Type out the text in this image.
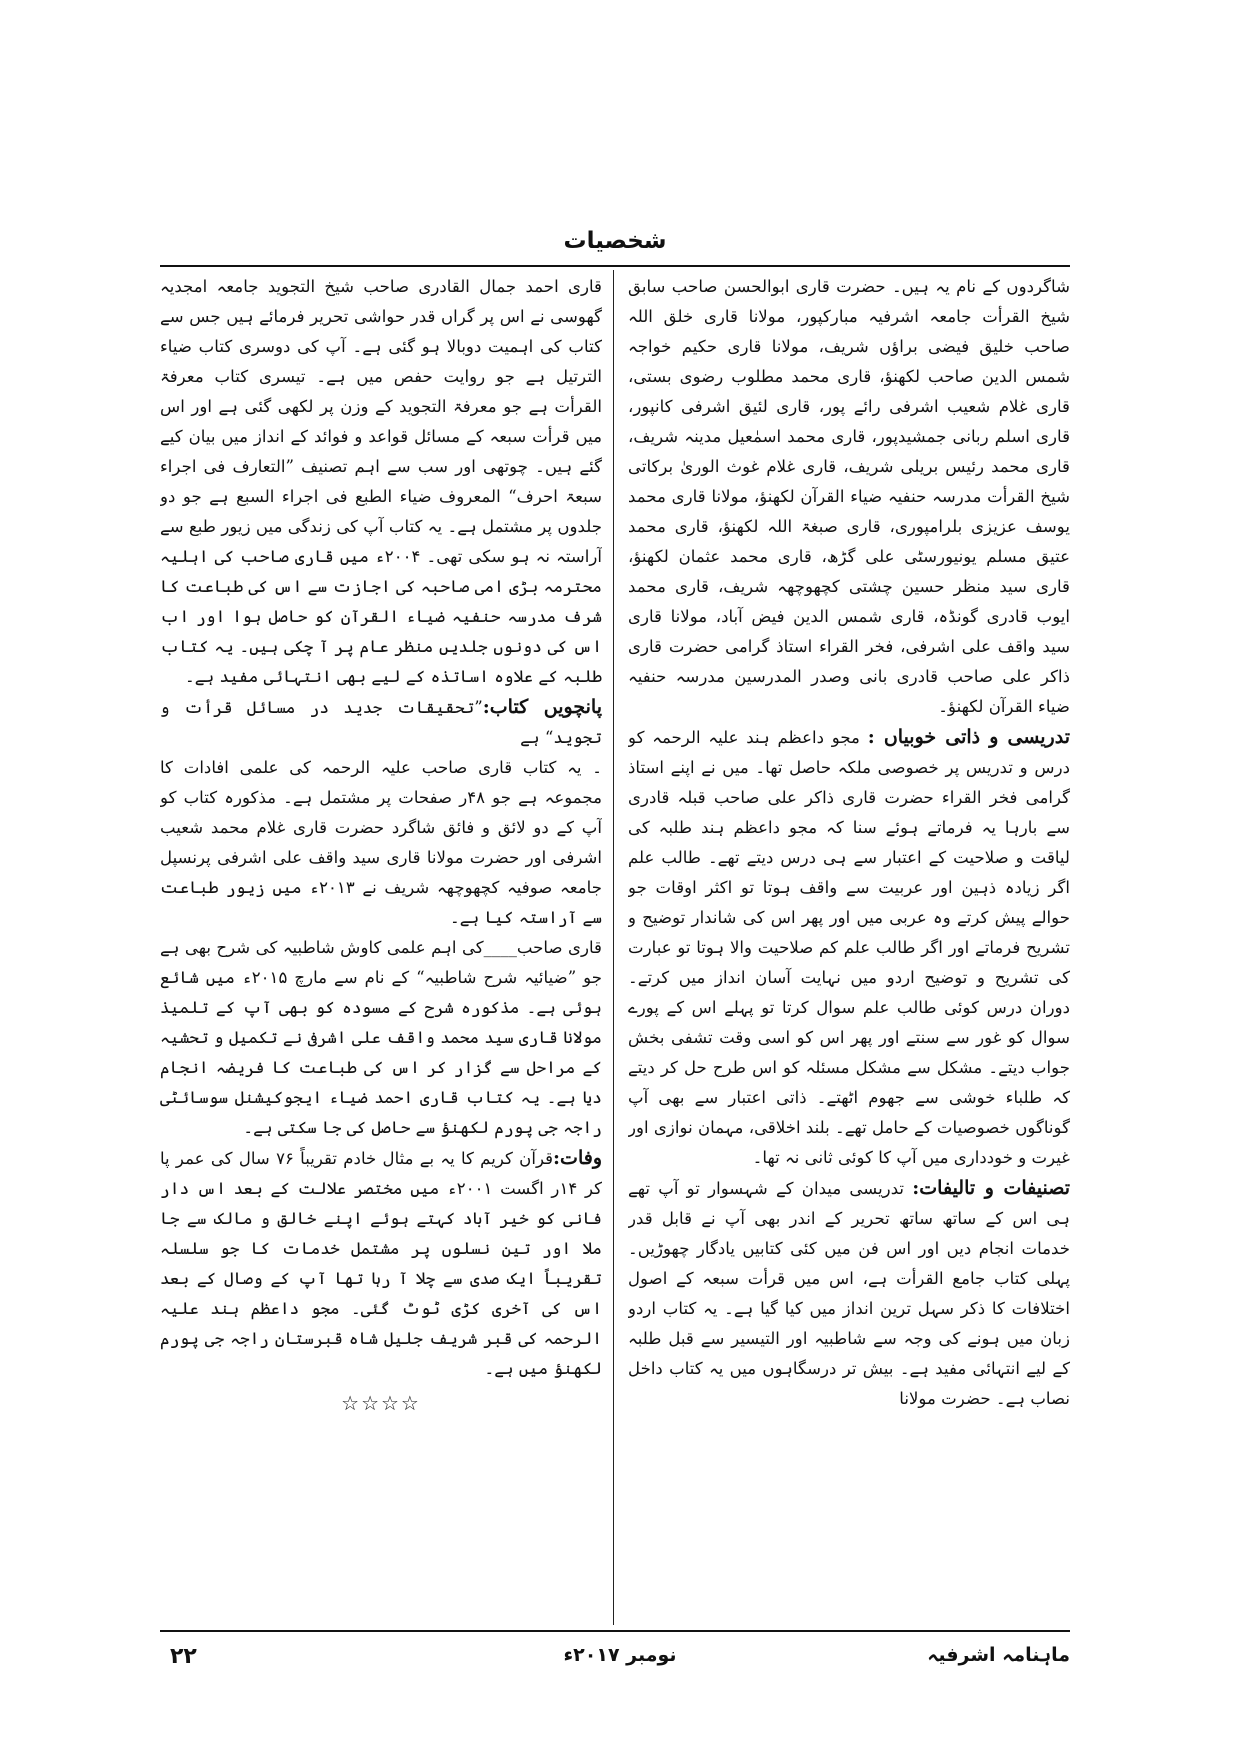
شخصیات

شاگردوں کے نام یہ ہیں۔ حضرت قاری ابوالحسن صاحب سابق شیخ القرأت جامعہ اشرفیہ مبارکپور، مولانا قاری خلق اللہ صاحب خلیق فیضی براؤں شریف، مولانا قاری حکیم خواجہ شمس الدین صاحب لکھنؤ، قاری محمد مطلوب رضوی بستی، قاری غلام شعیب اشرفی رائے پور، قاری لئیق اشرفی کانپور، قاری اسلم ربانی جمشیدپور، قاری محمد اسمٰعیل مدینہ شریف، قاری محمد رئیس بریلی شریف، قاری غلام غوث الوریٰ برکاتی شیخ القرأت مدرسہ حنفیہ ضیاء القرآن لکھنؤ، مولانا قاری محمد یوسف عزیزی بلرامپوری، قاری صبغۃ اللہ لکھنؤ، قاری محمد عتیق مسلم یونیورسٹی علی گڑھ، قاری محمد عثمان لکھنؤ، قاری سید منظر حسین چشتی کچھوچھہ شریف، قاری محمد ایوب قادری گونڈہ، قاری شمس الدین فیض آباد، مولانا قاری سید واقف علی اشرفی، فخر القراء استاذ گرامی حضرت قاری ذاکر علی صاحب قادری بانی وصدر المدرسین مدرسہ حنفیہ ضیاء القرآن لکھنؤ۔

تدریسی و ذاتی خوبیاں : مجو داعظم ہند علیہ الرحمہ کو درس و تدریس پر خصوصی ملکہ حاصل تھا۔ میں نے اپنے استاذ گرامی فخر القراء حضرت قاری ذاکر علی صاحب قبلہ قادری سے بارہا یہ فرماتے ہوئے سنا کہ مجو داعظم ہند طلبہ کی لیاقت و صلاحیت کے اعتبار سے ہی درس دیتے تھے۔ طالب علم اگر زیادہ ذہین اور عربیت سے واقف ہوتا تو اکثر اوقات جو حوالے پیش کرتے وہ عربی میں اور پھر اس کی شاندار توضیح و تشریح فرماتے اور اگر طالب علم کم صلاحیت والا ہوتا تو عبارت کی تشریح و توضیح اردو میں نہایت آسان انداز میں کرتے۔ دوران درس کوئی طالب علم سوال کرتا تو پہلے اس کے پورے سوال کو غور سے سنتے اور پھر اس کو اسی وقت تشفی بخش جواب دیتے۔ مشکل سے مشکل مسئلہ کو اس طرح حل کر دیتے کہ طلباء خوشی سے جھوم اٹھتے۔ ذاتی اعتبار سے بھی آپ گوناگوں خصوصیات کے حامل تھے۔ بلند اخلاقی، مہمان نوازی اور غیرت و خودداری میں آپ کا کوئی ثانی نہ تھا۔

تصنیفات و تالیفات: تدریسی میدان کے شہسوار تو آپ تھے ہی اس کے ساتھ ساتھ تحریر کے اندر بھی آپ نے قابل قدر خدمات انجام دیں اور اس فن میں کئی کتابیں یادگار چھوڑیں۔ پہلی کتاب جامع القرأت ہے، اس میں قرأت سبعہ کے اصول اختلافات کا ذکر سہل ترین انداز میں کیا گیا ہے۔ یہ کتاب اردو زبان میں ہونے کی وجہ سے شاطبیہ اور التیسیر سے قبل طلبہ کے لیے انتہائی مفید ہے۔ بیش تر درسگاہوں میں یہ کتاب داخل نصاب ہے۔ حضرت مولانا

قاری احمد جمال القادری صاحب شیخ التجوید جامعہ امجدیہ گھوسی نے اس پر گراں قدر حواشی تحریر فرمائے ہیں جس سے کتاب کی اہمیت دوبالا ہو گئی ہے۔ آپ کی دوسری کتاب ضیاء الترتیل ہے جو روایت حفص میں ہے۔ تیسری کتاب معرفۃ القرأت ہے جو معرفۃ التجوید کے وزن پر لکھی گئی ہے اور اس میں قرأت سبعہ کے مسائل قواعد و فوائد کے انداز میں بیان کیے گئے ہیں۔ چوتھی اور سب سے اہم تصنیف ”التعارف فی اجراء سبعۃ احرف“ المعروف ضیاء الطبع فی اجراء السبع ہے جو دو جلدوں پر مشتمل ہے۔ یہ کتاب آپ کی زندگی میں زیور طبع سے آراستہ نہ ہو سکی تھی۔ ۲۰۰۴ء میں قاری صاحب کی اہلیہ محترمہ بڑی امی صاحبہ کی اجازت سے اس کی طباعت کا شرف مدرسہ حنفیہ ضیاء القرآن کو حاصل ہوا اور اب اس کی دونوں جلدیں منظر عام پر آ چکی ہیں۔ یہ کتاب طلبہ کے علاوہ اساتذہ کے لیے بھی انتہائی مفید ہے۔

پانچویں کتاب:”تحقیقات جدید در مسائل قرأت و تجوید“ ہے

۔ یہ کتاب قاری صاحب علیہ الرحمہ کی علمی افادات کا مجموعہ ہے جو ۴۸ر صفحات پر مشتمل ہے۔ مذکورہ کتاب کو آپ کے دو لائق و فائق شاگرد حضرت قاری غلام محمد شعیب اشرفی اور حضرت مولانا قاری سید واقف علی اشرفی پرنسپل جامعہ صوفیہ کچھوچھہ شریف نے ۲۰۱۳ء میں زیور طباعت سے آراستہ کیا ہے۔

قاری صاحب____کی اہم علمی کاوش شاطبیہ کی شرح بھی ہے جو ”ضیائیہ شرح شاطبیہ“ کے نام سے مارچ ۲۰۱۵ء میں شائع ہوئی ہے۔ مذکورہ شرح کے مسودہ کو بھی آپ کے تلمیذ مولانا قاری سید محمد واقف علی اشرفی نے تکمیل و تحشیہ کے مراحل سے گزار کر اس کی طباعت کا فریضہ انجام دیا ہے۔ یہ کتاب قاری احمد ضیاء ایجوکیشنل سوسائٹی راجہ جی پورم لکھنؤ سے حاصل کی جا سکتی ہے۔

وفات:قرآن کریم کا یہ بے مثال خادم تقریباً ۷۶ سال کی عمر پا کر ۱۴ر اگست ۲۰۰۱ء میں مختصر علالت کے بعد اس دار فانی کو خیر آباد کہتے ہوئے اپنے خالق و مالک سے جا ملا اور تین نسلوں پر مشتمل خدمات کا جو سلسلہ تقریباً ایک صدی سے چلا آ رہا تھا آپ کے وصال کے بعد اس کی آخری کڑی ٹوٹ گئی۔ مجو داعظم ہند علیہ الرحمہ کی قبر شریف جلیل شاہ قبرستان راجہ جی پورم لکھنؤ میں ہے۔

☆☆☆☆
۲۲	نومبر ۲۰۱۷ء	ماہنامہ اشرفیہ
